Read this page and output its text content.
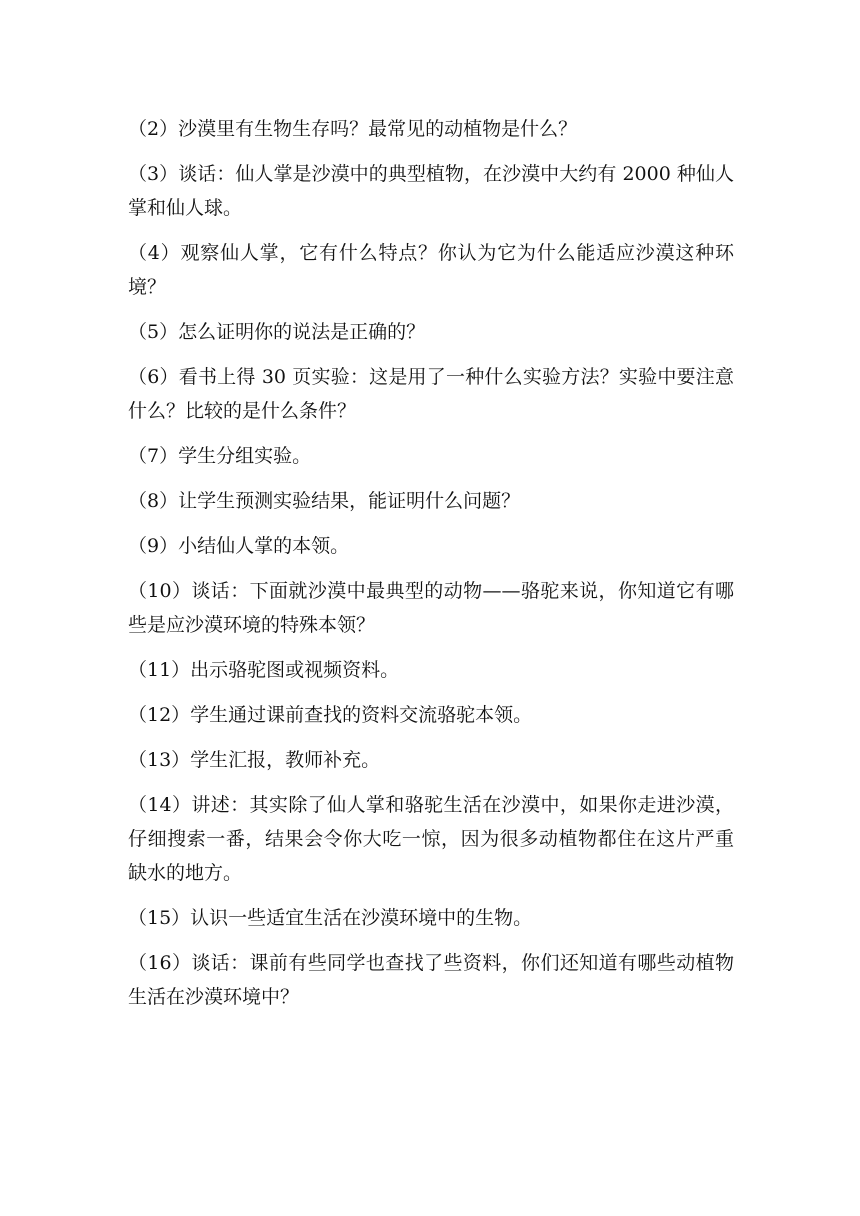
（2）沙漠里有生物生存吗？最常见的动植物是什么？

（3）谈话：仙人掌是沙漠中的典型植物，在沙漠中大约有 2000 种仙人掌和仙人球。

（4）观察仙人掌，它有什么特点？你认为它为什么能适应沙漠这种环境？

（5）怎么证明你的说法是正确的？

（6）看书上得 30 页实验：这是用了一种什么实验方法？实验中要注意什么？比较的是什么条件？

（7）学生分组实验。

（8）让学生预测实验结果，能证明什么问题？

（9）小结仙人掌的本领。

（10）谈话：下面就沙漠中最典型的动物——骆驼来说，你知道它有哪些是应沙漠环境的特殊本领？

（11）出示骆驼图或视频资料。

（12）学生通过课前查找的资料交流骆驼本领。

（13）学生汇报，教师补充。

（14）讲述：其实除了仙人掌和骆驼生活在沙漠中，如果你走进沙漠，仔细搜索一番，结果会令你大吃一惊，因为很多动植物都住在这片严重缺水的地方。

（15）认识一些适宜生活在沙漠环境中的生物。

（16）谈话：课前有些同学也查找了些资料，你们还知道有哪些动植物生活在沙漠环境中？
